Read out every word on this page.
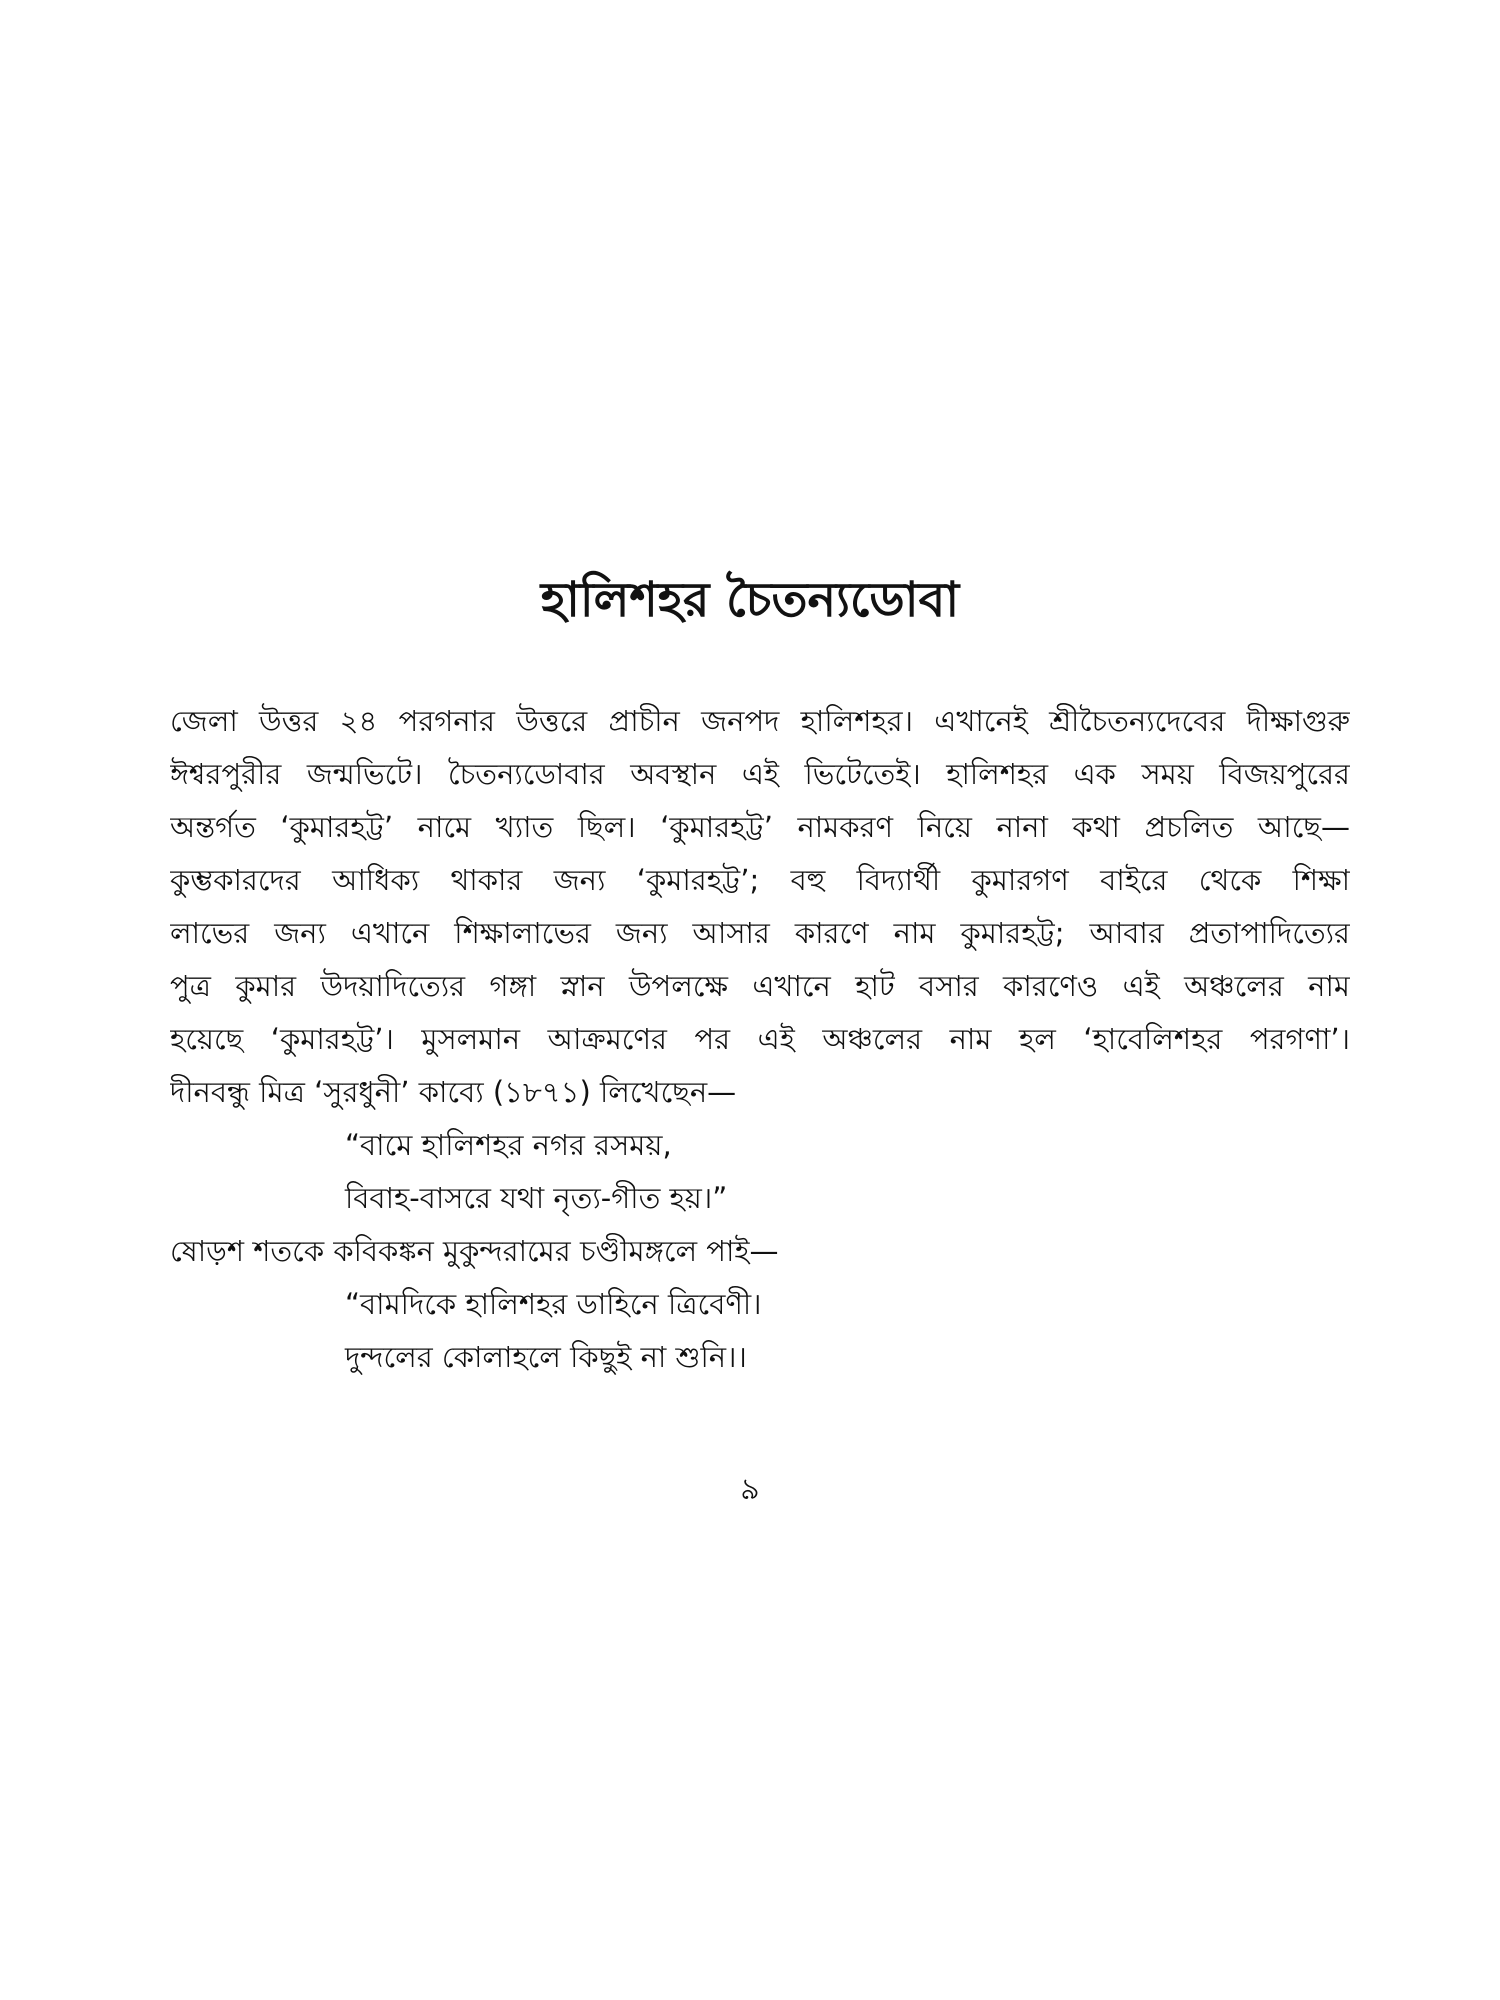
হালিশহর চৈতন্যডোবা
জেলা উত্তর ২৪ পরগনার উত্তরে প্রাচীন জনপদ হালিশহর। এখানেই শ্রীচৈতন্যদেবের দীক্ষাগুরু
ঈশ্বরপুরীর জন্মভিটে। চৈতন্যডোবার অবস্থান এই ভিটেতেই। হালিশহর এক সময় বিজয়পুরের
অন্তর্গত ‘কুমারহট্ট’ নামে খ্যাত ছিল। ‘কুমারহট্ট’ নামকরণ নিয়ে নানা কথা প্রচলিত আছে—
কুম্ভকারদের আধিক্য থাকার জন্য ‘কুমারহট্ট’; বহু বিদ্যার্থী কুমারগণ বাইরে থেকে শিক্ষা
লাভের জন্য এখানে শিক্ষালাভের জন্য আসার কারণে নাম কুমারহট্ট; আবার প্রতাপাদিত্যের
পুত্র কুমার উদয়াদিত্যের গঙ্গা স্নান উপলক্ষে এখানে হাট বসার কারণেও এই অঞ্চলের নাম
হয়েছে ‘কুমারহট্ট’। মুসলমান আক্রমণের পর এই অঞ্চলের নাম হল ‘হাবেলিশহর পরগণা’।
দীনবন্ধু মিত্র ‘সুরধুনী’ কাব্যে (১৮৭১) লিখেছেন—
“বামে হালিশহর নগর রসময়,
বিবাহ-বাসরে যথা নৃত্য-গীত হয়।”
ষোড়শ শতকে কবিকঙ্কন মুকুন্দরামের চণ্ডীমঙ্গলে পাই—
“বামদিকে হালিশহর ডাহিনে ত্রিবেণী।
দুন্দলের কোলাহলে কিছুই না শুনি।।
৯
